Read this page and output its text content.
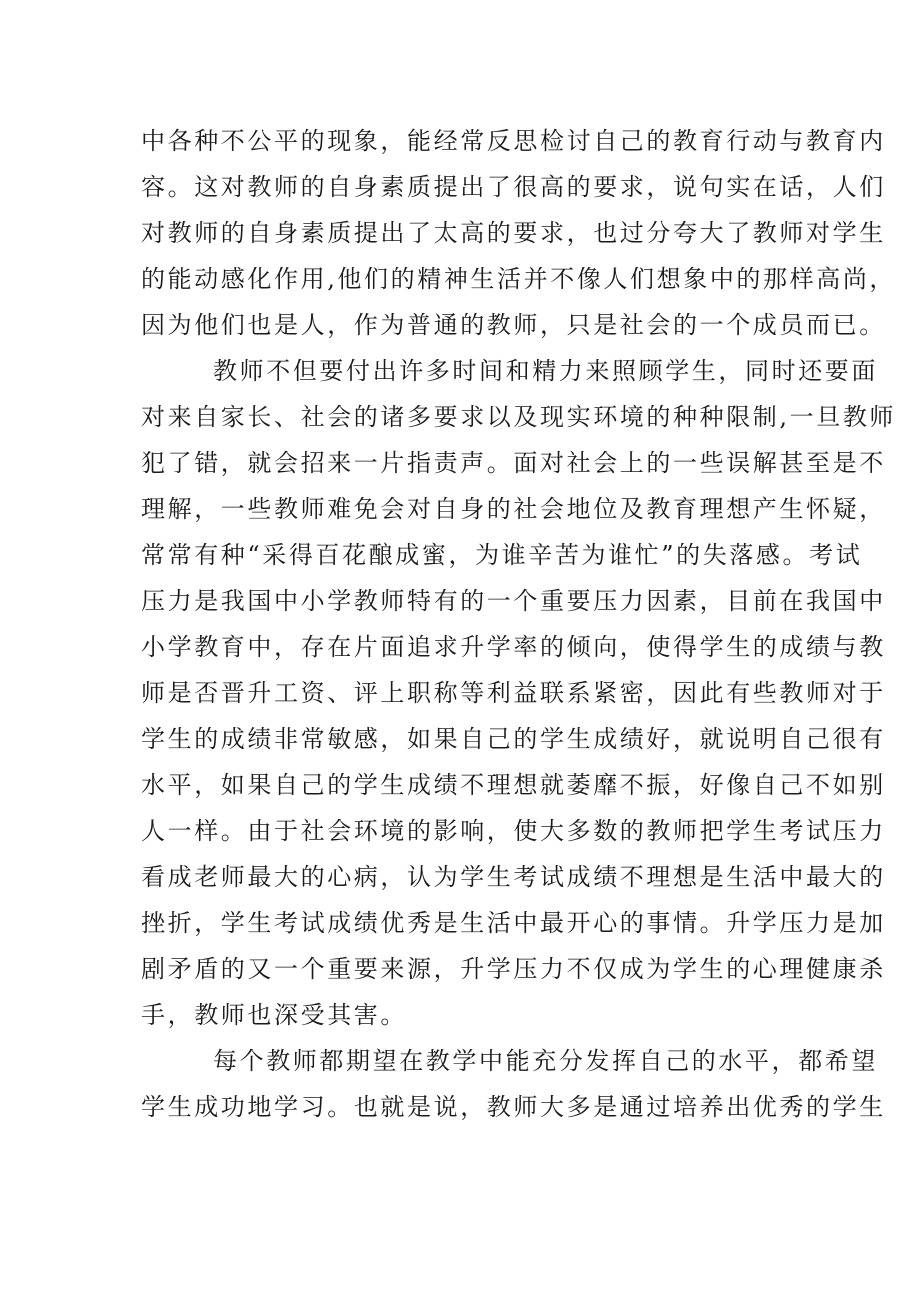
中各种不公平的现象，能经常反思检讨自己的教育行动与教育内
容。这对教师的自身素质提出了很高的要求，说句实在话，人们
对教师的自身素质提出了太高的要求，也过分夸大了教师对学生
的能动感化作用,他们的精神生活并不像人们想象中的那样高尚，
因为他们也是人，作为普通的教师，只是社会的一个成员而已。
教师不但要付出许多时间和精力来照顾学生，同时还要面
对来自家长、社会的诸多要求以及现实环境的种种限制,一旦教师
犯了错，就会招来一片指责声。面对社会上的一些误解甚至是不
理解，一些教师难免会对自身的社会地位及教育理想产生怀疑，
常常有种“采得百花酿成蜜，为谁辛苦为谁忙”的失落感。考试
压力是我国中小学教师特有的一个重要压力因素，目前在我国中
小学教育中，存在片面追求升学率的倾向，使得学生的成绩与教
师是否晋升工资、评上职称等利益联系紧密，因此有些教师对于
学生的成绩非常敏感，如果自己的学生成绩好，就说明自己很有
水平，如果自己的学生成绩不理想就萎靡不振，好像自己不如别
人一样。由于社会环境的影响，使大多数的教师把学生考试压力
看成老师最大的心病，认为学生考试成绩不理想是生活中最大的
挫折，学生考试成绩优秀是生活中最开心的事情。升学压力是加
剧矛盾的又一个重要来源，升学压力不仅成为学生的心理健康杀
手，教师也深受其害。
每个教师都期望在教学中能充分发挥自己的水平，都希望
学生成功地学习。也就是说，教师大多是通过培养出优秀的学生
